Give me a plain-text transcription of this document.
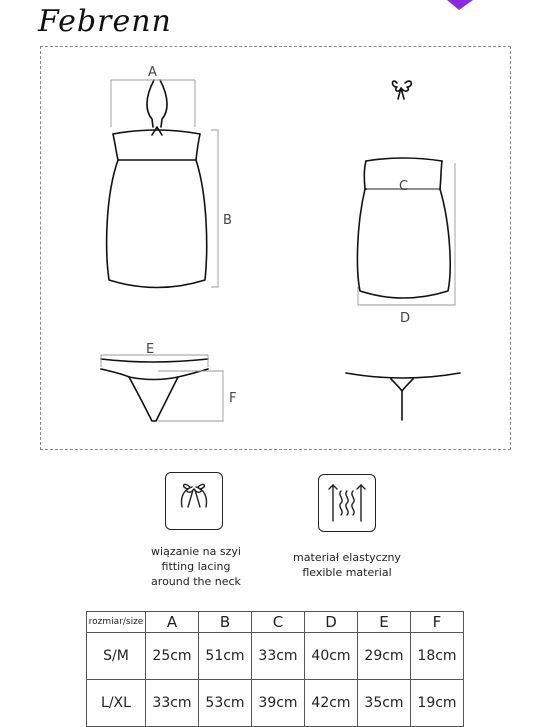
Febrenn
A
B
C
D
E
F
wiązanie na szyi
fitting lacing
around the neck
materiał elastyczny
flexible material
rozmiar/size	A	B	C	D	E	F
S/M	25cm	51cm	33cm	40cm	29cm	18cm
L/XL	33cm	53cm	39cm	42cm	35cm	19cm
